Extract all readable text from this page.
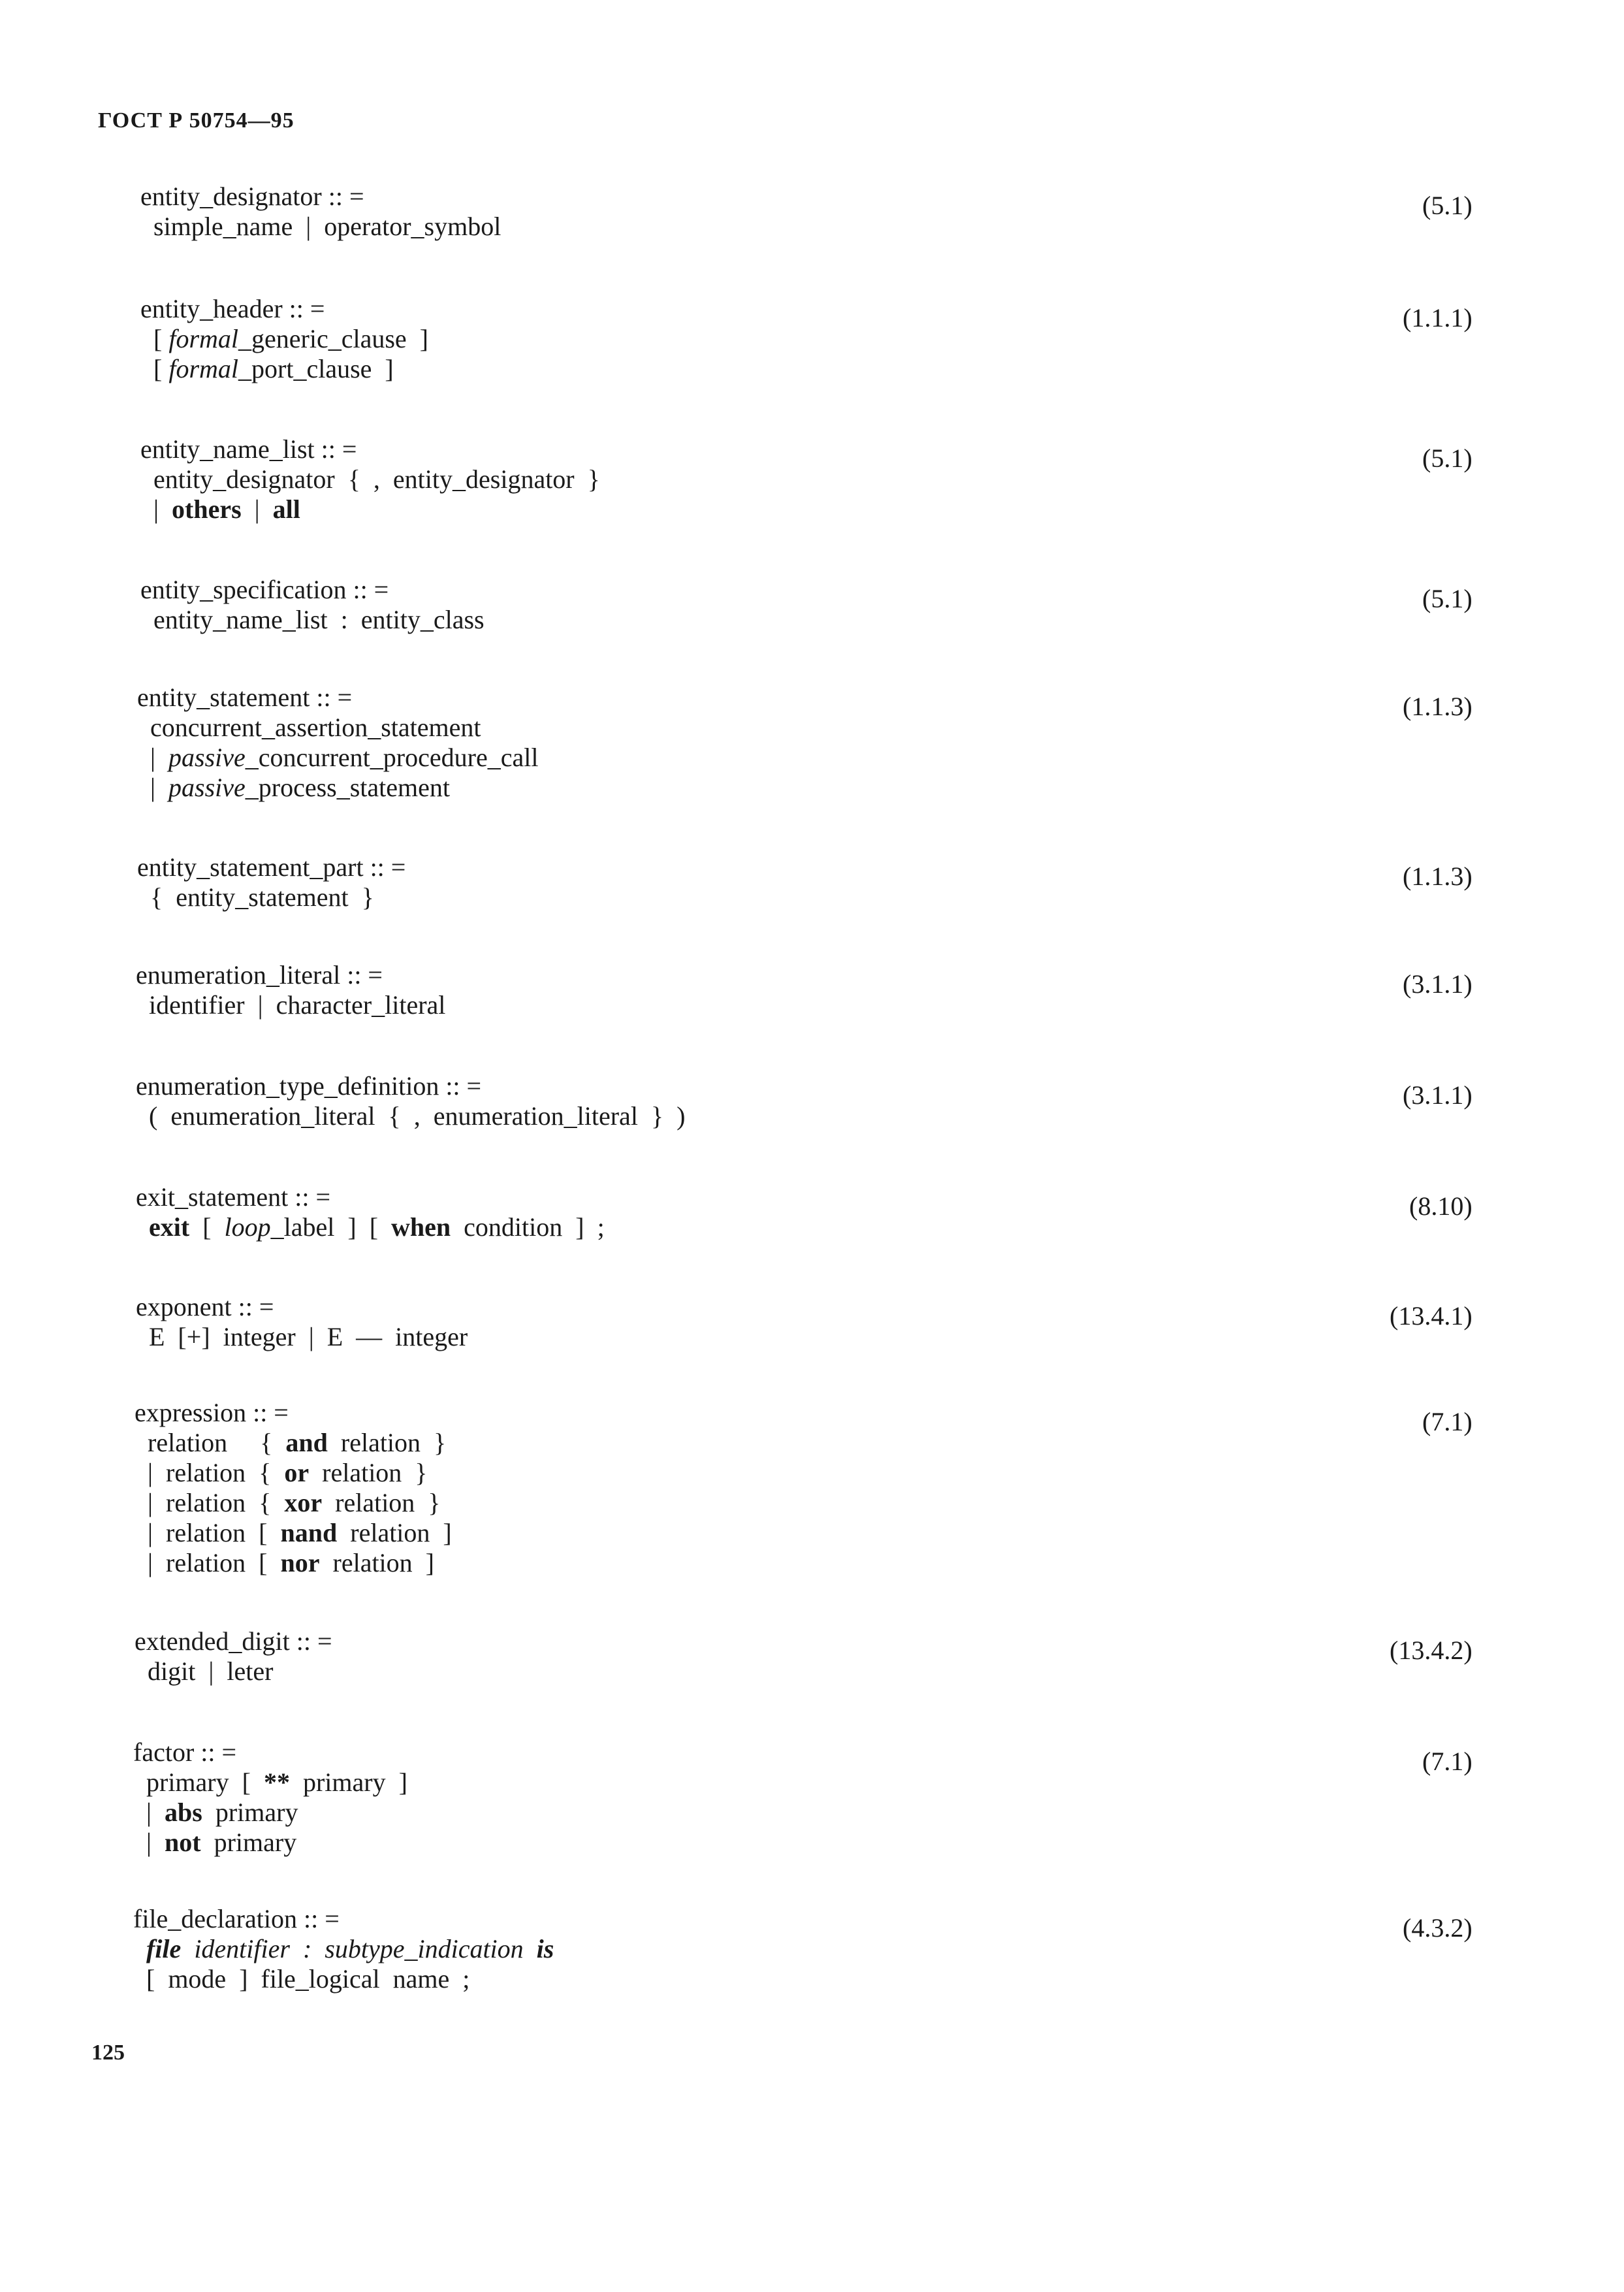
ГОСТ Р 50754—95
entity_designator :: =
simple_name  |  operator_symbol
(5.1)
entity_header :: =
[ formal_generic_clause  ]
[ formal_port_clause  ]
(1.1.1)
entity_name_list :: =
entity_designator  {  ,  entity_designator  }
|  others  |  all
(5.1)
entity_specification :: =
entity_name_list  :  entity_class
(5.1)
entity_statement :: =
concurrent_assertion_statement
|  passive_concurrent_procedure_call
|  passive_process_statement
(1.1.3)
entity_statement_part :: =
{  entity_statement  }
(1.1.3)
enumeration_literal :: =
identifier  |  character_literal
(3.1.1)
enumeration_type_definition :: =
(  enumeration_literal  {  ,  enumeration_literal  }  )
(3.1.1)
exit_statement :: =
exit  [  loop_label  ]  [  when  condition  ]  ;
(8.10)
exponent :: =
E  [+]  integer  |  E  —  integer
(13.4.1)
expression :: =
relation     {  and  relation  }
|  relation  {  or  relation  }
|  relation  {  xor  relation  }
|  relation  [  nand  relation  ]
|  relation  [  nor  relation  ]
(7.1)
extended_digit :: =
digit  |  leter
(13.4.2)
factor :: =
primary  [  **  primary  ]
|  abs  primary
|  not  primary
(7.1)
file_declaration :: =
file  identifier  :  subtype_indication  is
[  mode  ]  file_logical  name  ;
(4.3.2)
125
